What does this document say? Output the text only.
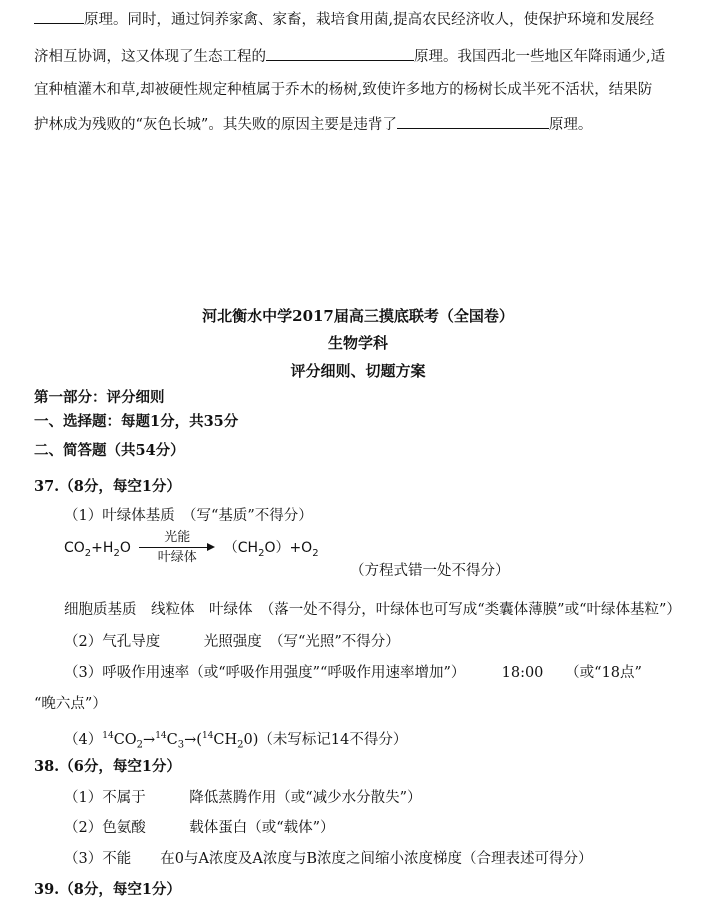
原理。同时，通过饲养家禽、家畜，栽培食用菌,提高农民经济收人，使保护环境和发展经
济相互协调，这又体现了生态工程的	原理。我国西北一些地区年降雨通少,适
宜种植灌木和草,却被硬性规定种植属于乔木的杨树,致使许多地方的杨树长成半死不活状，结果防
护林成为残败的“灰色长城”。其失败的原因主要是违背了	原理。
河北衡水中学2017届高三摸底联考（全国卷）
生物学科
评分细则、切题方案
第一部分：评分细则
一、选择题：每题1分，共35分
二、简答题（共54分）
37.（8分，每空1分）
（1）叶绿体基质　（写“基质”不得分）
$CO_2+H_2O$
光能
叶绿体
$(CH_2O)+O_2$
（方程式错一处不得分）
细胞质基质　线粒体　叶绿体　（落一处不得分，叶绿体也可写成“类囊体薄膜”或“叶绿体基粒”）
（2）气孔导度　　　光照强度　（写“光照”不得分）
（3）呼吸作用速率（或“呼吸作用强度”“呼吸作用速率增加”）　　　18:00　　（或“18点”
“晚六点”）
$(4)^{14}CO_2\to^{14}C_3\to(^{14}CH_20)$（未写标记14不得分）
38.（6分，每空1分）
（1）不属于　　　降低蒸腾作用（或“减少水分散失”）
（2）色氨酸　　　载体蛋白（或“载体”）
（3）不能　　在0与A浓度及A浓度与B浓度之间缩小浓度梯度（合理表述可得分）
39.（8分，每空1分）
